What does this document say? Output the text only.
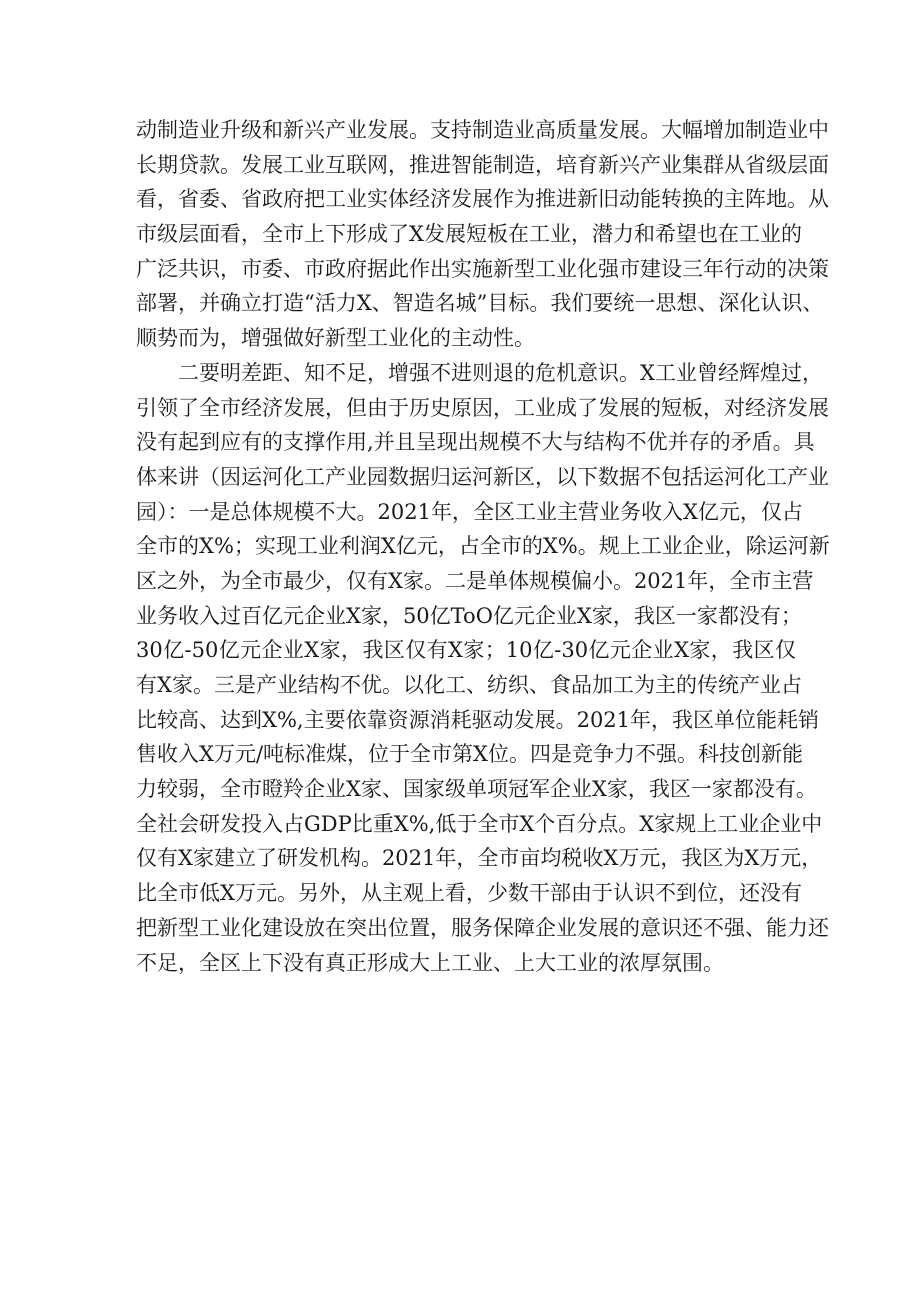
动制造业升级和新兴产业发展。支持制造业高质量发展。大幅增加制造业中
长期贷款。发展工业互联网，推进智能制造，培育新兴产业集群从省级层面
看，省委、省政府把工业实体经济发展作为推进新旧动能转换的主阵地。从
市级层面看，全市上下形成了X发展短板在工业，潜力和希望也在工业的
广泛共识，市委、市政府据此作出实施新型工业化强市建设三年行动的决策
部署，并确立打造“活力X、智造名城”目标。我们要统一思想、深化认识、
顺势而为，增强做好新型工业化的主动性。
二要明差距、知不足，增强不进则退的危机意识。X工业曾经辉煌过，
引领了全市经济发展，但由于历史原因，工业成了发展的短板，对经济发展
没有起到应有的支撑作用,并且呈现出规模不大与结构不优并存的矛盾。具
体来讲（因运河化工产业园数据归运河新区，以下数据不包括运河化工产业
园）：一是总体规模不大。2021年，全区工业主营业务收入X亿元，仅占
全市的X%；实现工业利润X亿元，占全市的X%。规上工业企业，除运河新
区之外，为全市最少，仅有X家。二是单体规模偏小。2021年，全市主营
业务收入过百亿元企业X家，50亿ToO亿元企业X家，我区一家都没有；
30亿-50亿元企业X家，我区仅有X家；10亿-30亿元企业X家，我区仅
有X家。三是产业结构不优。以化工、纺织、食品加工为主的传统产业占
比较高、达到X%,主要依靠资源消耗驱动发展。2021年，我区单位能耗销
售收入X万元/吨标准煤，位于全市第X位。四是竞争力不强。科技创新能
力较弱，全市瞪羚企业X家、国家级单项冠军企业X家，我区一家都没有。
全社会研发投入占GDP比重X%,低于全市X个百分点。X家规上工业企业中
仅有X家建立了研发机构。2021年，全市亩均税收X万元，我区为X万元，
比全市低X万元。另外，从主观上看，少数干部由于认识不到位，还没有
把新型工业化建设放在突出位置，服务保障企业发展的意识还不强、能力还
不足，全区上下没有真正形成大上工业、上大工业的浓厚氛围。
